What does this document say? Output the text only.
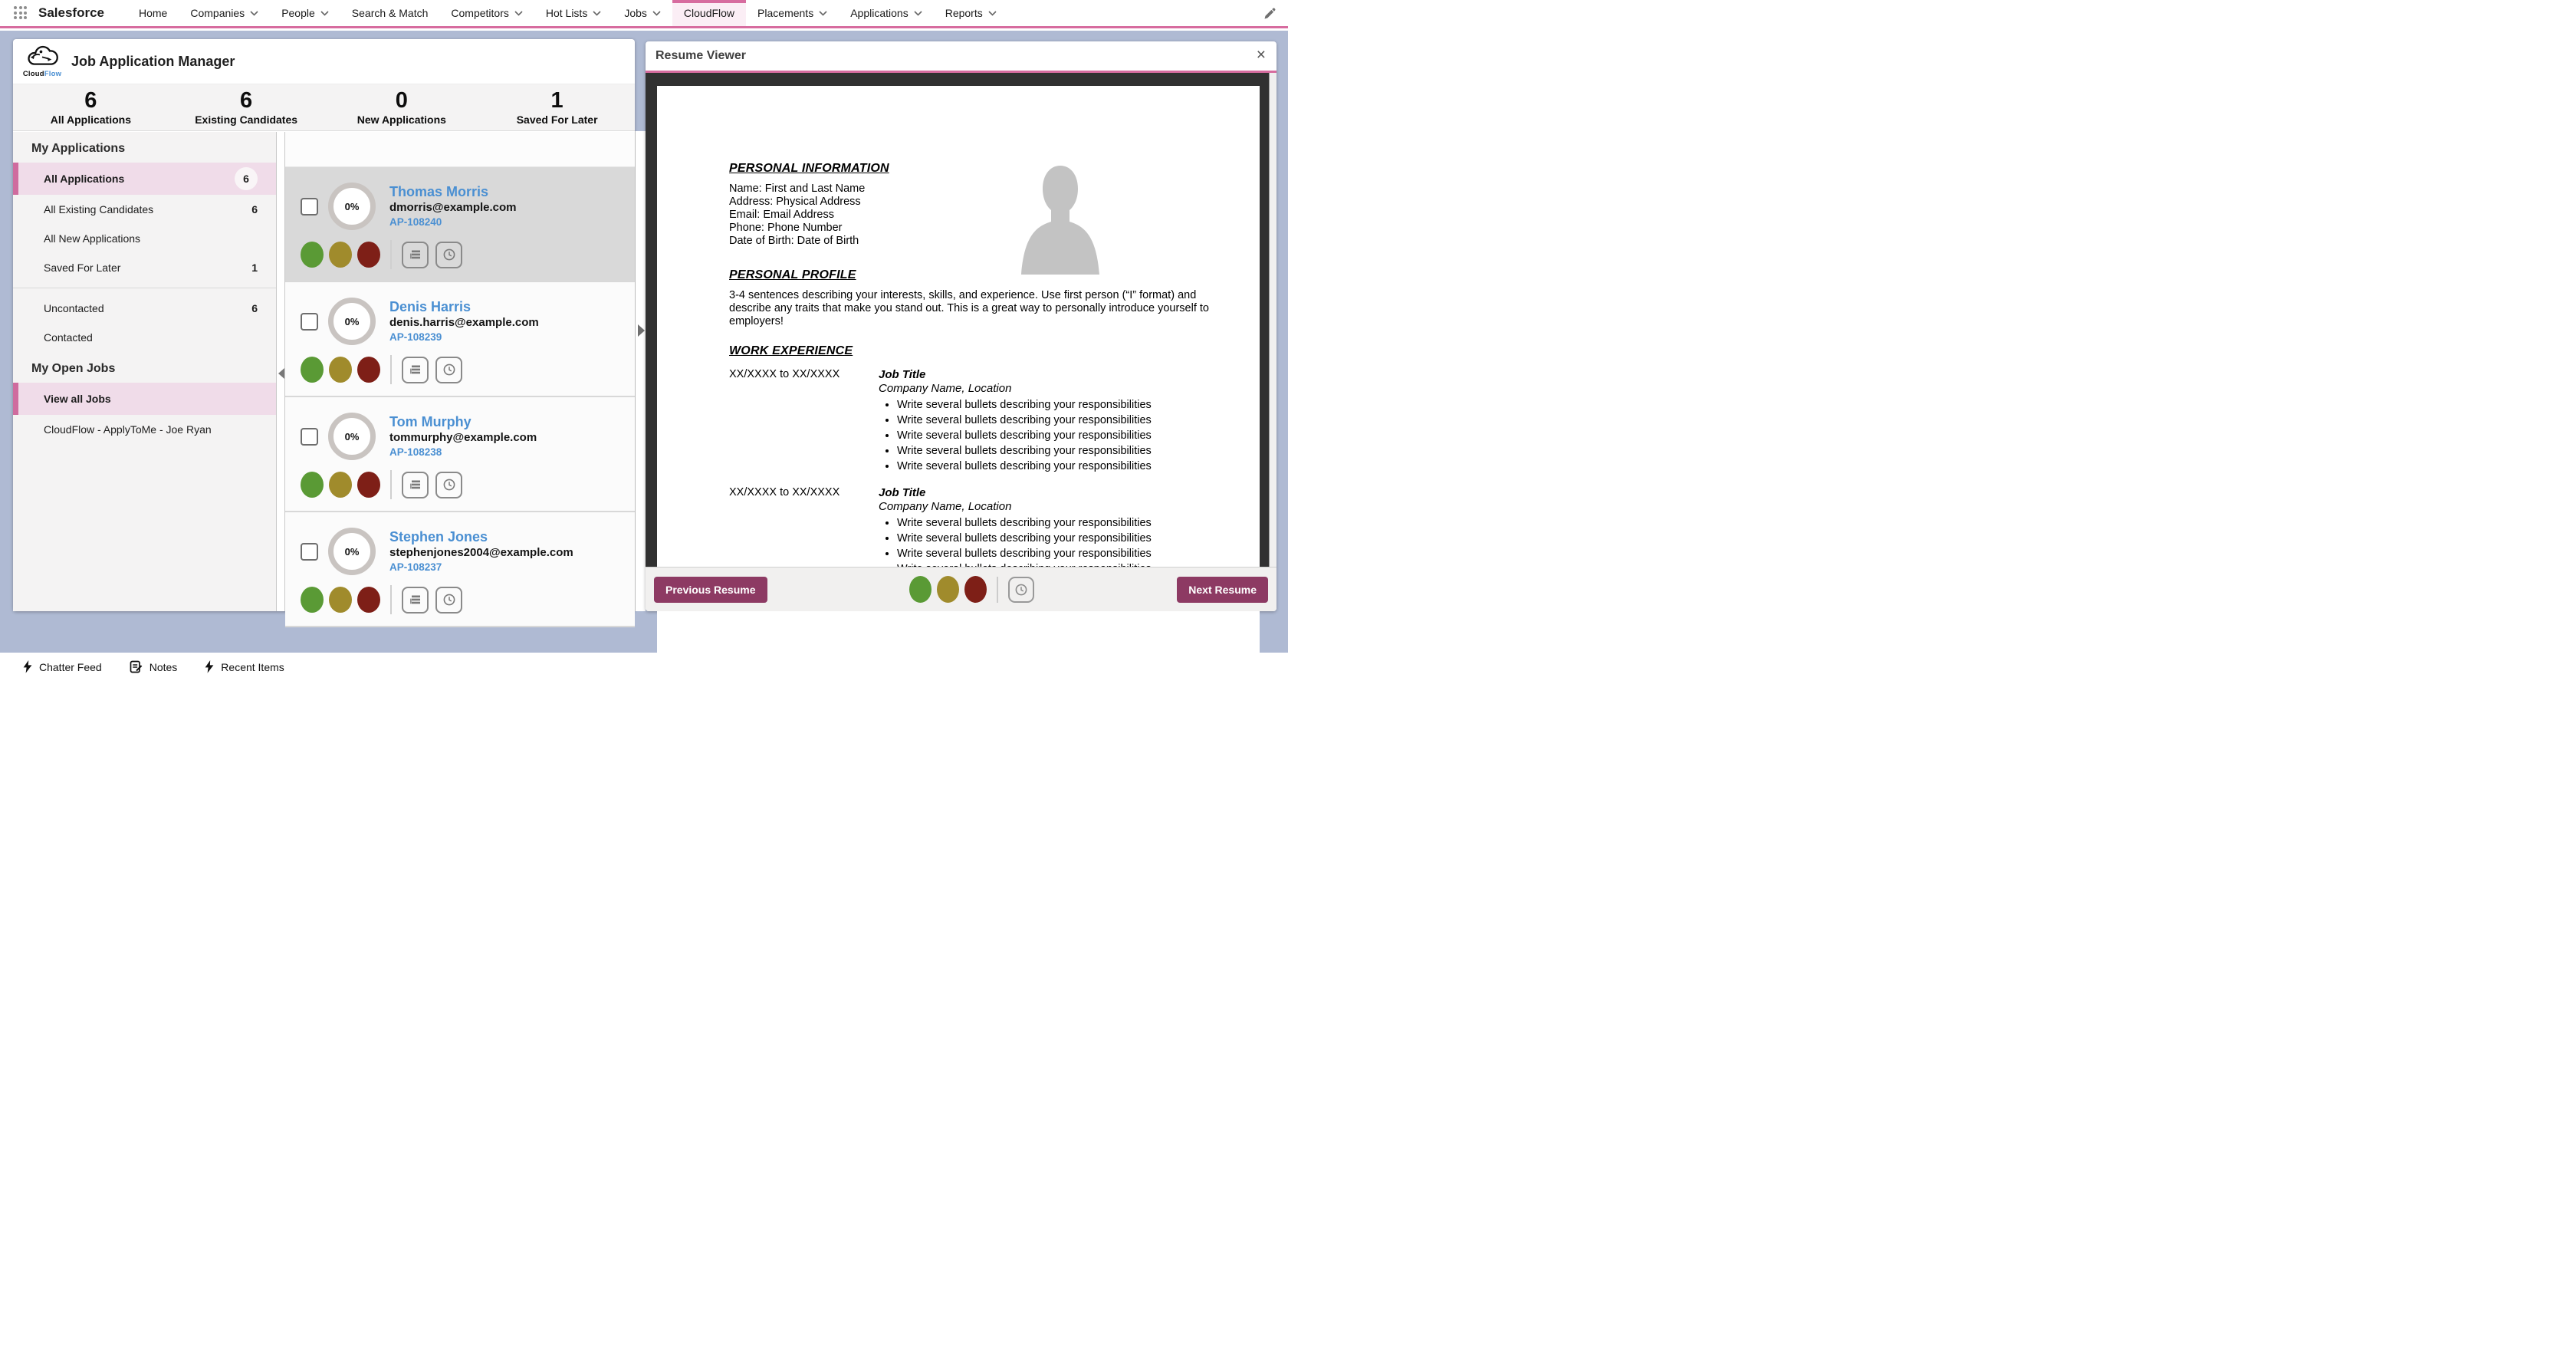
Salesforce	Home Companies	People	Search & Match Competitors	Hot Lists	Jobs	CloudFlow Placements	Applications	Reports
CloudFlow
Job Application Manager
6
All Applications
6
Existing Candidates
0
New Applications
1
Saved For Later
My Applications
All Applications	6
All Existing Candidates	6
All New Applications
Saved For Later	1
Uncontacted	6
Contacted
My Open Jobs
View all Jobs
CloudFlow - ApplyToMe - Joe Ryan
0%
Thomas Morris
dmorris@example.com
AP-108240
0%
Denis Harris
denis.harris@example.com
AP-108239
0%
Tom Murphy
tommurphy@example.com
AP-108238
0%
Stephen Jones
stephenjones2004@example.com
AP-108237
Resume Viewer	×
PERSONAL INFORMATION
Name: First and Last Name
Address: Physical Address
Email: Email Address
Phone: Phone Number
Date of Birth: Date of Birth
PERSONAL PROFILE

3-4 sentences describing your interests, skills, and experience. Use first person (“I” format) and describe any traits that make you stand out. This is a great way to personally introduce yourself to employers!

WORK EXPERIENCE
XX/XXXX to XX/XXXX	Job Title
Company Name, Location
• Write several bullets describing your responsibilities
• Write several bullets describing your responsibilities
• Write several bullets describing your responsibilities
• Write several bullets describing your responsibilities
• Write several bullets describing your responsibilities
XX/XXXX to XX/XXXX	Job Title
Company Name, Location
• Write several bullets describing your responsibilities
• Write several bullets describing your responsibilities
• Write several bullets describing your responsibilities
•
Previous Resume	Next Resume
Chatter Feed	Notes	Recent Items
